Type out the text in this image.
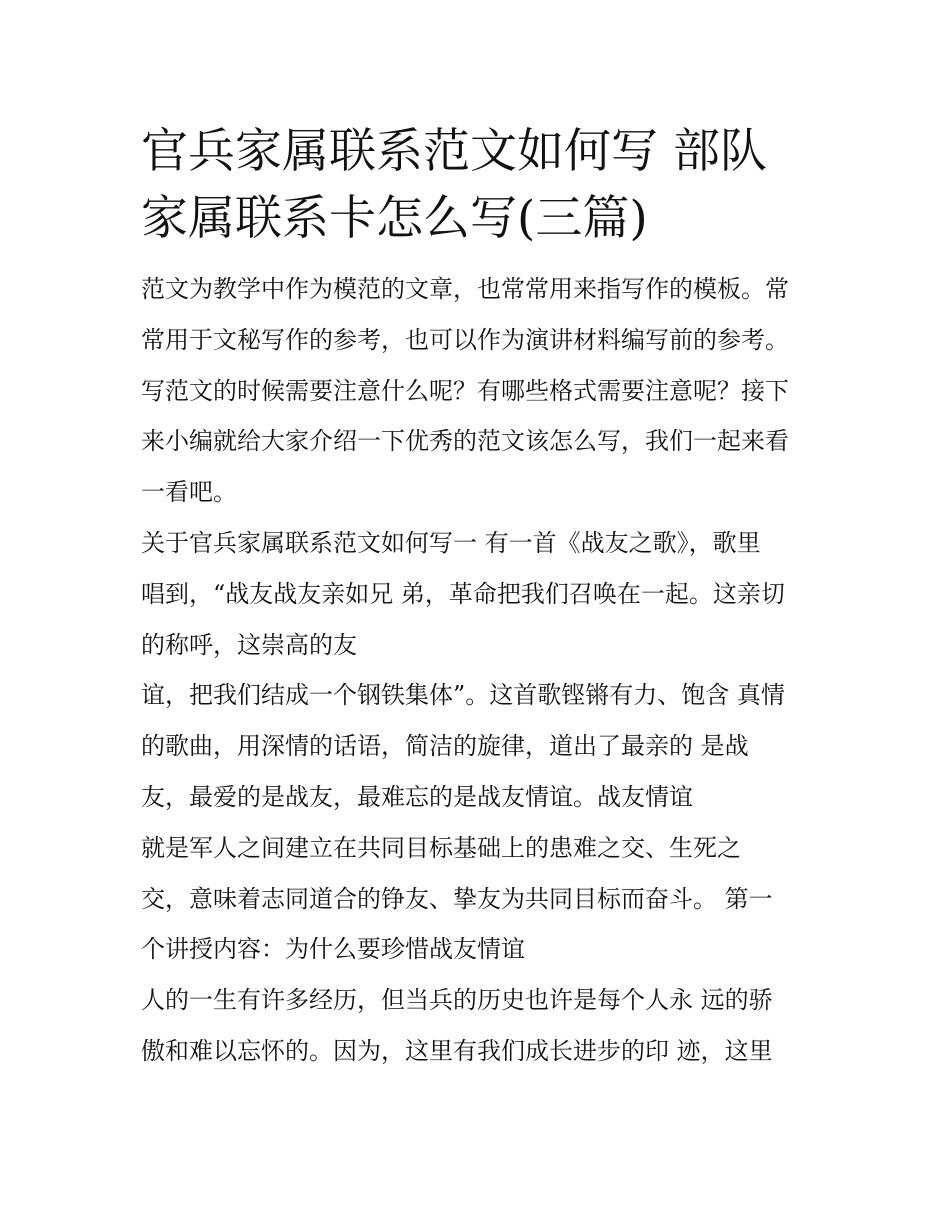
官兵家属联系范文如何写 部队
家属联系卡怎么写(三篇)
范文为教学中作为模范的文章，也常常用来指写作的模板。常
常用于文秘写作的参考，也可以作为演讲材料编写前的参考。
写范文的时候需要注意什么呢？有哪些格式需要注意呢？接下
来小编就给大家介绍一下优秀的范文该怎么写，我们一起来看
一看吧。
关于官兵家属联系范文如何写一 有一首《战友之歌》，歌里
唱到，“战友战友亲如兄 弟，革命把我们召唤在一起。这亲切
的称呼，这崇高的友
谊，把我们结成一个钢铁集体”。这首歌铿锵有力、饱含 真情
的歌曲，用深情的话语，简洁的旋律，道出了最亲的 是战
友，最爱的是战友，最难忘的是战友情谊。战友情谊
就是军人之间建立在共同目标基础上的患难之交、生死之
交，意味着志同道合的铮友、挚友为共同目标而奋斗。 第一
个讲授内容：为什么要珍惜战友情谊
人的一生有许多经历，但当兵的历史也许是每个人永 远的骄
傲和难以忘怀的。因为，这里有我们成长进步的印 迹，这里
